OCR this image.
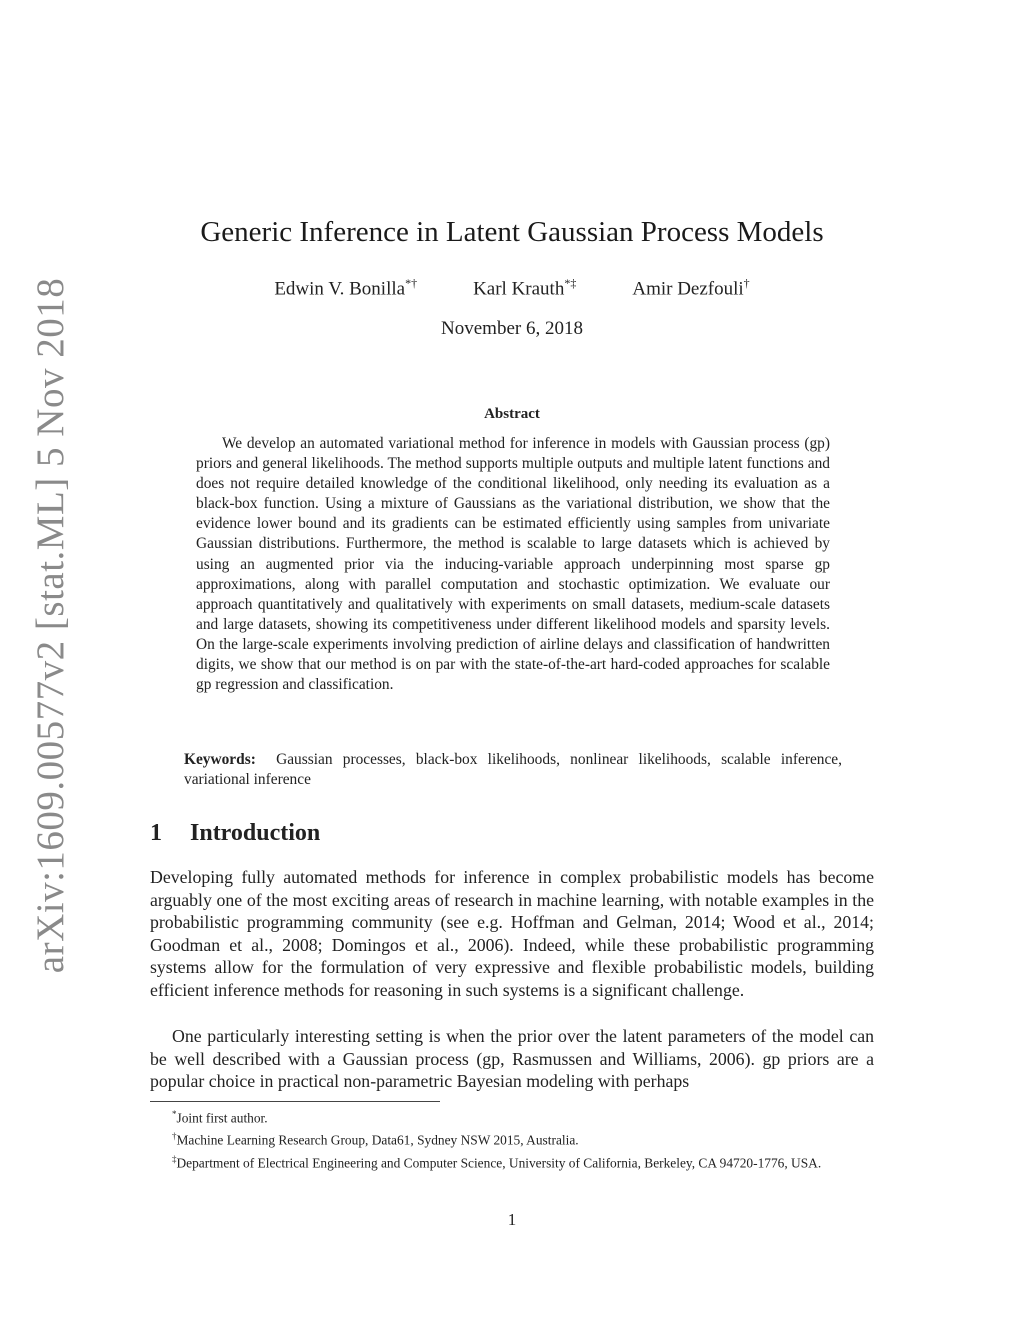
arXiv:1609.00577v2 [stat.ML] 5 Nov 2018
Generic Inference in Latent Gaussian Process Models
Edwin V. Bonilla*†	Karl Krauth*‡	Amir Dezfouli†
November 6, 2018
Abstract

We develop an automated variational method for inference in models with Gaussian process (gp) priors and general likelihoods. The method supports multiple outputs and multiple latent functions and does not require detailed knowledge of the conditional likelihood, only needing its evaluation as a black-box function. Using a mixture of Gaussians as the variational distribution, we show that the evidence lower bound and its gradients can be estimated efficiently using samples from univariate Gaussian distributions. Furthermore, the method is scalable to large datasets which is achieved by using an augmented prior via the inducing-variable approach underpinning most sparse gp approximations, along with parallel computation and stochastic optimization. We evaluate our approach quantitatively and qualitatively with experiments on small datasets, medium-scale datasets and large datasets, showing its competitiveness under different likelihood models and sparsity levels. On the large-scale experiments involving prediction of airline delays and classification of handwritten digits, we show that our method is on par with the state-of-the-art hard-coded approaches for scalable gp regression and classification.

Keywords: Gaussian processes, black-box likelihoods, nonlinear likelihoods, scalable inference, variational inference

1 Introduction

Developing fully automated methods for inference in complex probabilistic models has become arguably one of the most exciting areas of research in machine learning, with notable examples in the probabilistic programming community (see e.g. Hoffman and Gelman, 2014; Wood et al., 2014; Goodman et al., 2008; Domingos et al., 2006). Indeed, while these probabilistic programming systems allow for the formulation of very expressive and flexible probabilistic models, building efficient inference methods for reasoning in such systems is a significant challenge.

One particularly interesting setting is when the prior over the latent parameters of the model can be well described with a Gaussian process (gp, Rasmussen and Williams, 2006). gp priors are a popular choice in practical non-parametric Bayesian modeling with perhaps

*Joint first author.

†Machine Learning Research Group, Data61, Sydney NSW 2015, Australia.

‡Department of Electrical Engineering and Computer Science, University of California, Berkeley, CA 94720-1776, USA.

1
